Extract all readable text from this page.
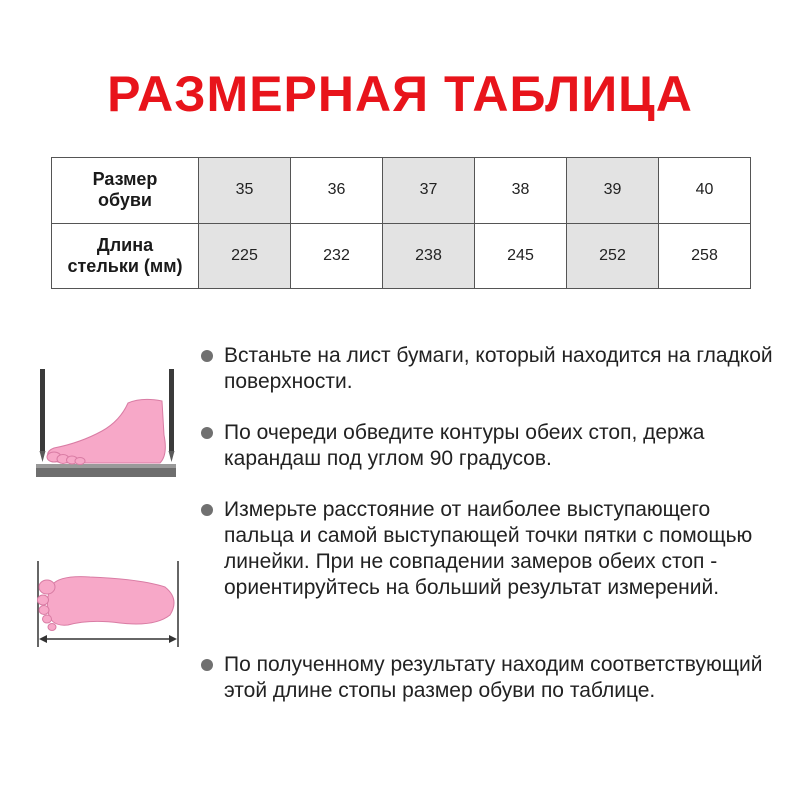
РАЗМЕРНАЯ ТАБЛИЦА
Размер
обуви	35	36	37	38	39	40

Длина
стельки (мм)	225	232	238	245	252	258
Встаньте на лист бумаги, который находится на гладкой поверхности.
По очереди обведите контуры обеих стоп, держа карандаш под углом 90 градусов.
Измерьте расстояние от наиболее выступающего пальца и самой выступающей точки пятки с помощью линейки. При не совпадении замеров обеих стоп - ориентируйтесь на больший результат измерений.
По полученному результату находим соответствующий этой длине стопы размер обуви по таблице.
